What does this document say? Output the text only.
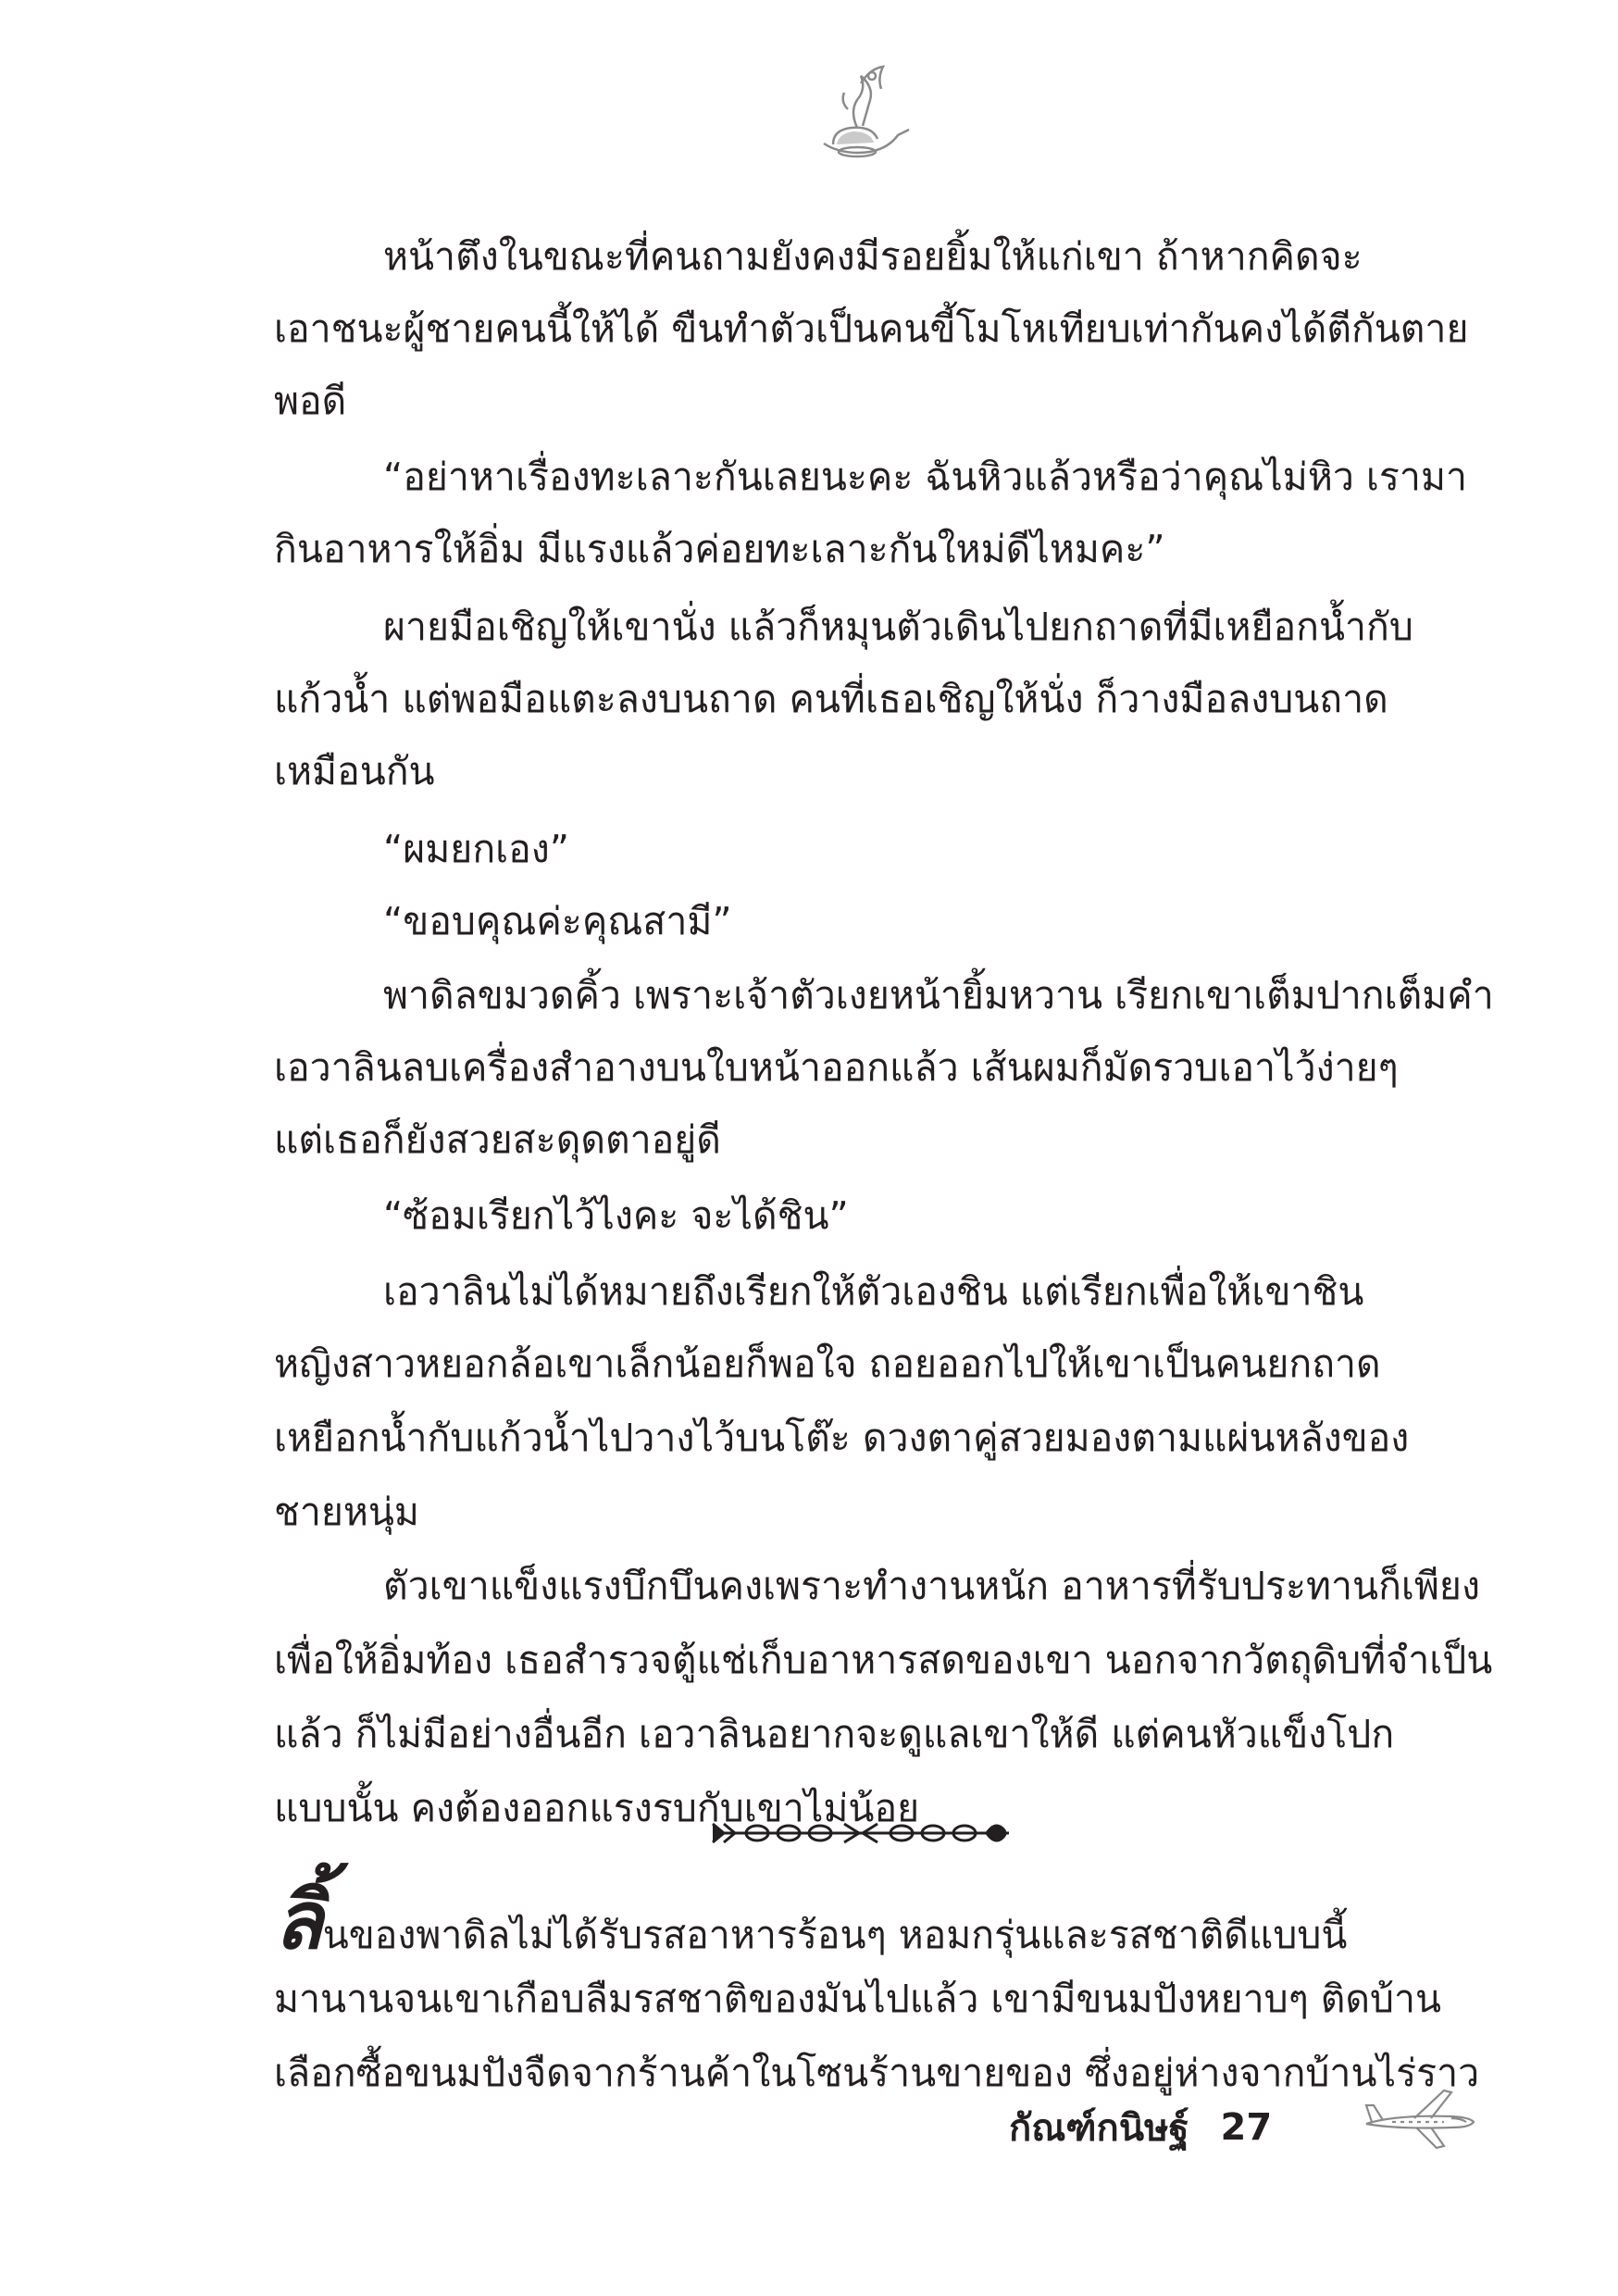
หน้าตึงในขณะที่คนถามยังคงมีรอยยิ้มให้แก่เขา ถ้าหากคิดจะ
เอาชนะผู้ชายคนนี้ให้ได้ ขืนทำตัวเป็นคนขี้โมโหเทียบเท่ากันคงได้ตีกันตาย
พอดี
“อย่าหาเรื่องทะเลาะกันเลยนะคะ ฉันหิวแล้วหรือว่าคุณไม่หิว เรามา
กินอาหารให้อิ่ม มีแรงแล้วค่อยทะเลาะกันใหม่ดีไหมคะ”
ผายมือเชิญให้เขานั่ง แล้วก็หมุนตัวเดินไปยกถาดที่มีเหยือกน้ำกับ
แก้วน้ำ แต่พอมือแตะลงบนถาด คนที่เธอเชิญให้นั่ง ก็วางมือลงบนถาด
เหมือนกัน
“ผมยกเอง”
“ขอบคุณค่ะคุณสามี”
พาดิลขมวดคิ้ว เพราะเจ้าตัวเงยหน้ายิ้มหวาน เรียกเขาเต็มปากเต็มคำ
เอวาลินลบเครื่องสำอางบนใบหน้าออกแล้ว เส้นผมก็มัดรวบเอาไว้ง่ายๆ
แต่เธอก็ยังสวยสะดุดตาอยู่ดี
“ซ้อมเรียกไว้ไงคะ จะได้ชิน”
เอวาลินไม่ได้หมายถึงเรียกให้ตัวเองชิน แต่เรียกเพื่อให้เขาชิน
หญิงสาวหยอกล้อเขาเล็กน้อยก็พอใจ ถอยออกไปให้เขาเป็นคนยกถาด
เหยือกน้ำกับแก้วน้ำไปวางไว้บนโต๊ะ ดวงตาคู่สวยมองตามแผ่นหลังของ
ชายหนุ่ม
ตัวเขาแข็งแรงบึกบึนคงเพราะทำงานหนัก อาหารที่รับประทานก็เพียง
เพื่อให้อิ่มท้อง เธอสำรวจตู้แช่เก็บอาหารสดของเขา นอกจากวัตถุดิบที่จำเป็น
แล้ว ก็ไม่มีอย่างอื่นอีก เอวาลินอยากจะดูแลเขาให้ดี แต่คนหัวแข็งโปก
แบบนั้น คงต้องออกแรงรบกับเขาไม่น้อย
ลิ้นของพาดิลไม่ได้รับรสอาหารร้อนๆ หอมกรุ่นและรสชาติดีแบบนี้
มานานจนเขาเกือบลืมรสชาติของมันไปแล้ว เขามีขนมปังหยาบๆ ติดบ้าน
เลือกซื้อขนมปังจืดจากร้านค้าในโซนร้านขายของ ซึ่งอยู่ห่างจากบ้านไร่ราว
กัณฑ์กนิษฐ์ 27
